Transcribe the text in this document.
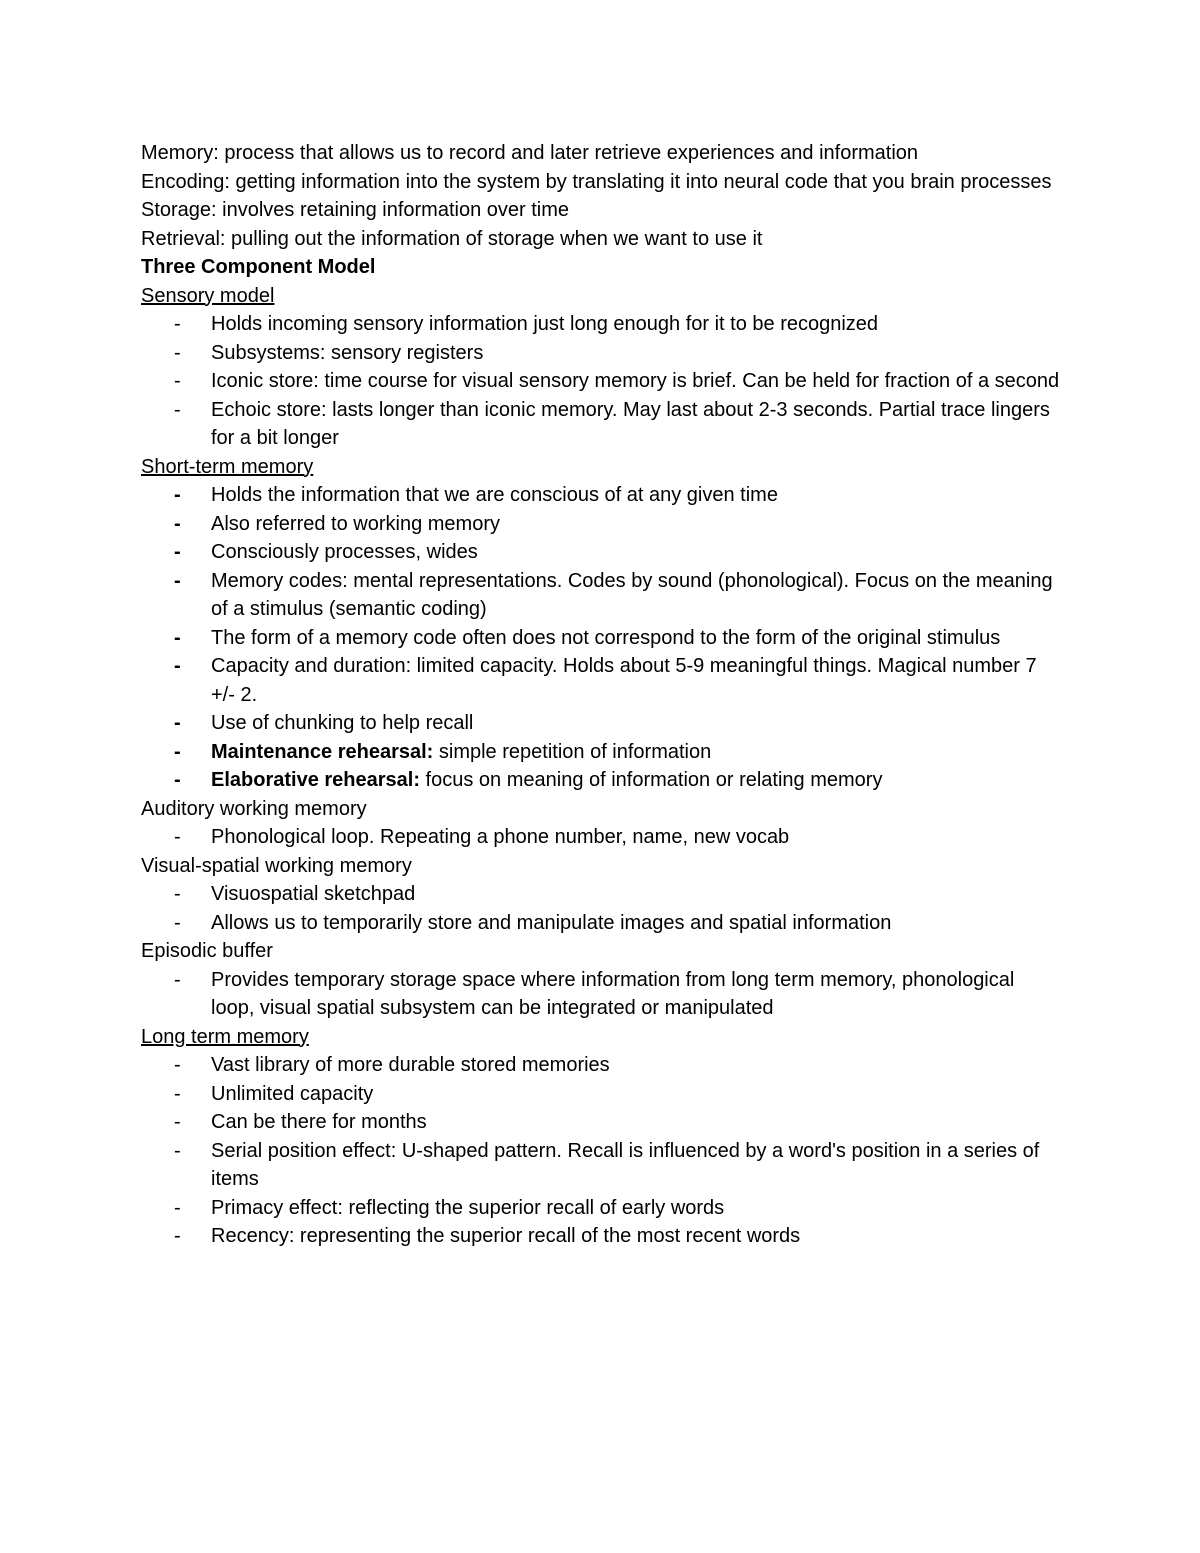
Memory: process that allows us to record and later retrieve experiences and information

Encoding: getting information into the system by translating it into neural code that you brain processes

Storage: involves retaining information over time

Retrieval: pulling out the information of storage when we want to use it

Three Component Model

Sensory model

- Holds incoming sensory information just long enough for it to be recognized
- Subsystems: sensory registers
- Iconic store: time course for visual sensory memory is brief. Can be held for fraction of a second
- Echoic store: lasts longer than iconic memory. May last about 2-3 seconds. Partial trace lingers for a bit longer

Short-term memory

- Holds the information that we are conscious of at any given time
- Also referred to working memory
- Consciously processes, wides
- Memory codes: mental representations. Codes by sound (phonological). Focus on the meaning of a stimulus (semantic coding)
- The form of a memory code often does not correspond to the form of the original stimulus
- Capacity and duration: limited capacity. Holds about 5-9 meaningful things. Magical number 7 +/- 2.
- Use of chunking to help recall
- Maintenance rehearsal: simple repetition of information
- Elaborative rehearsal: focus on meaning of information or relating memory

Auditory working memory

- Phonological loop. Repeating a phone number, name, new vocab

Visual-spatial working memory

- Visuospatial sketchpad
- Allows us to temporarily store and manipulate images and spatial information

Episodic buffer

- Provides temporary storage space where information from long term memory, phonological loop, visual spatial subsystem can be integrated or manipulated

Long term memory

- Vast library of more durable stored memories
- Unlimited capacity
- Can be there for months
- Serial position effect: U-shaped pattern. Recall is influenced by a word's position in a series of items
- Primacy effect: reflecting the superior recall of early words
- Recency: representing the superior recall of the most recent words
